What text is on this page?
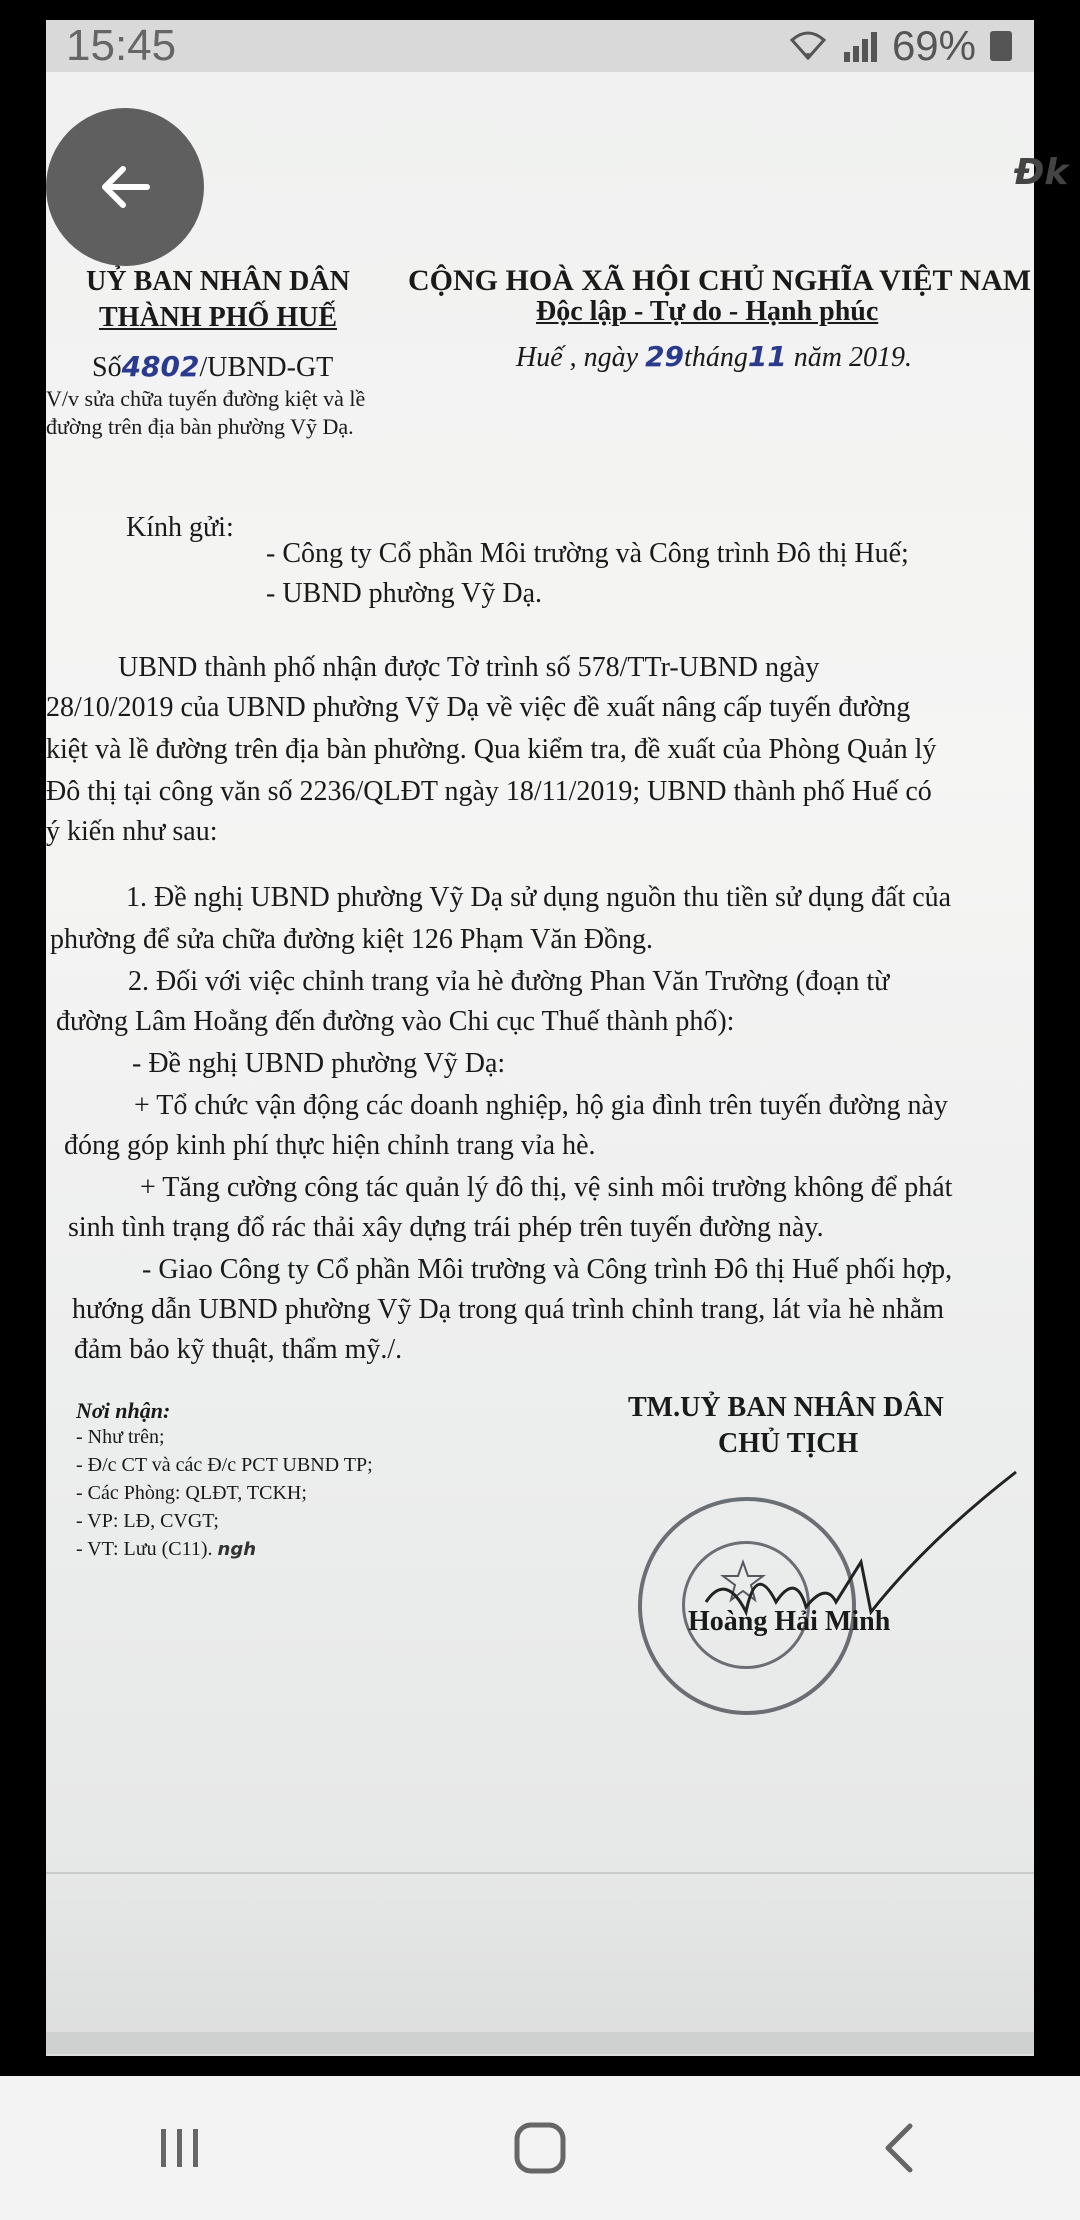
15:45	69%
Đk
UỶ BAN NHÂN DÂN
THÀNH PHỐ HUẾ
Số4802/UBND-GT
V/v sửa chữa tuyến đường kiệt và lề
đường trên địa bàn phường Vỹ Dạ.
CỘNG HOÀ XÃ HỘI CHỦ NGHĨA VIỆT NAM
Độc lập - Tự do - Hạnh phúc
Huế , ngày 29tháng11 năm 2019.
Kính gửi:
- Công ty Cổ phần Môi trường và Công trình Đô thị Huế;
- UBND phường Vỹ Dạ.
UBND thành phố nhận được Tờ trình số 578/TTr-UBND ngày
28/10/2019 của UBND phường Vỹ Dạ về việc đề xuất nâng cấp tuyến đường
kiệt và lề đường trên địa bàn phường. Qua kiểm tra, đề xuất của Phòng Quản lý
Đô thị tại công văn số 2236/QLĐT ngày 18/11/2019; UBND thành phố Huế có
ý kiến như sau:
1. Đề nghị UBND phường Vỹ Dạ sử dụng nguồn thu tiền sử dụng đất của
phường để sửa chữa đường kiệt 126 Phạm Văn Đồng.
2. Đối với việc chỉnh trang vỉa hè đường Phan Văn Trường (đoạn từ
đường Lâm Hoằng đến đường vào Chi cục Thuế thành phố):
- Đề nghị UBND phường Vỹ Dạ:
+ Tổ chức vận động các doanh nghiệp, hộ gia đình trên tuyến đường này
đóng góp kinh phí thực hiện chỉnh trang vỉa hè.
+ Tăng cường công tác quản lý đô thị, vệ sinh môi trường không để phát
sinh tình trạng đổ rác thải xây dựng trái phép trên tuyến đường này.
- Giao Công ty Cổ phần Môi trường và Công trình Đô thị Huế phối hợp,
hướng dẫn UBND phường Vỹ Dạ trong quá trình chỉnh trang, lát vỉa hè nhằm
đảm bảo kỹ thuật, thẩm mỹ./.
Nơi nhận:
- Như trên;
- Đ/c CT và các Đ/c PCT UBND TP;
- Các Phòng: QLĐT, TCKH;
- VP: LĐ, CVGT;
- VT: Lưu (C11). ngh
TM.UỶ BAN NHÂN DÂN
CHỦ TỊCH
Hoàng Hải Minh
